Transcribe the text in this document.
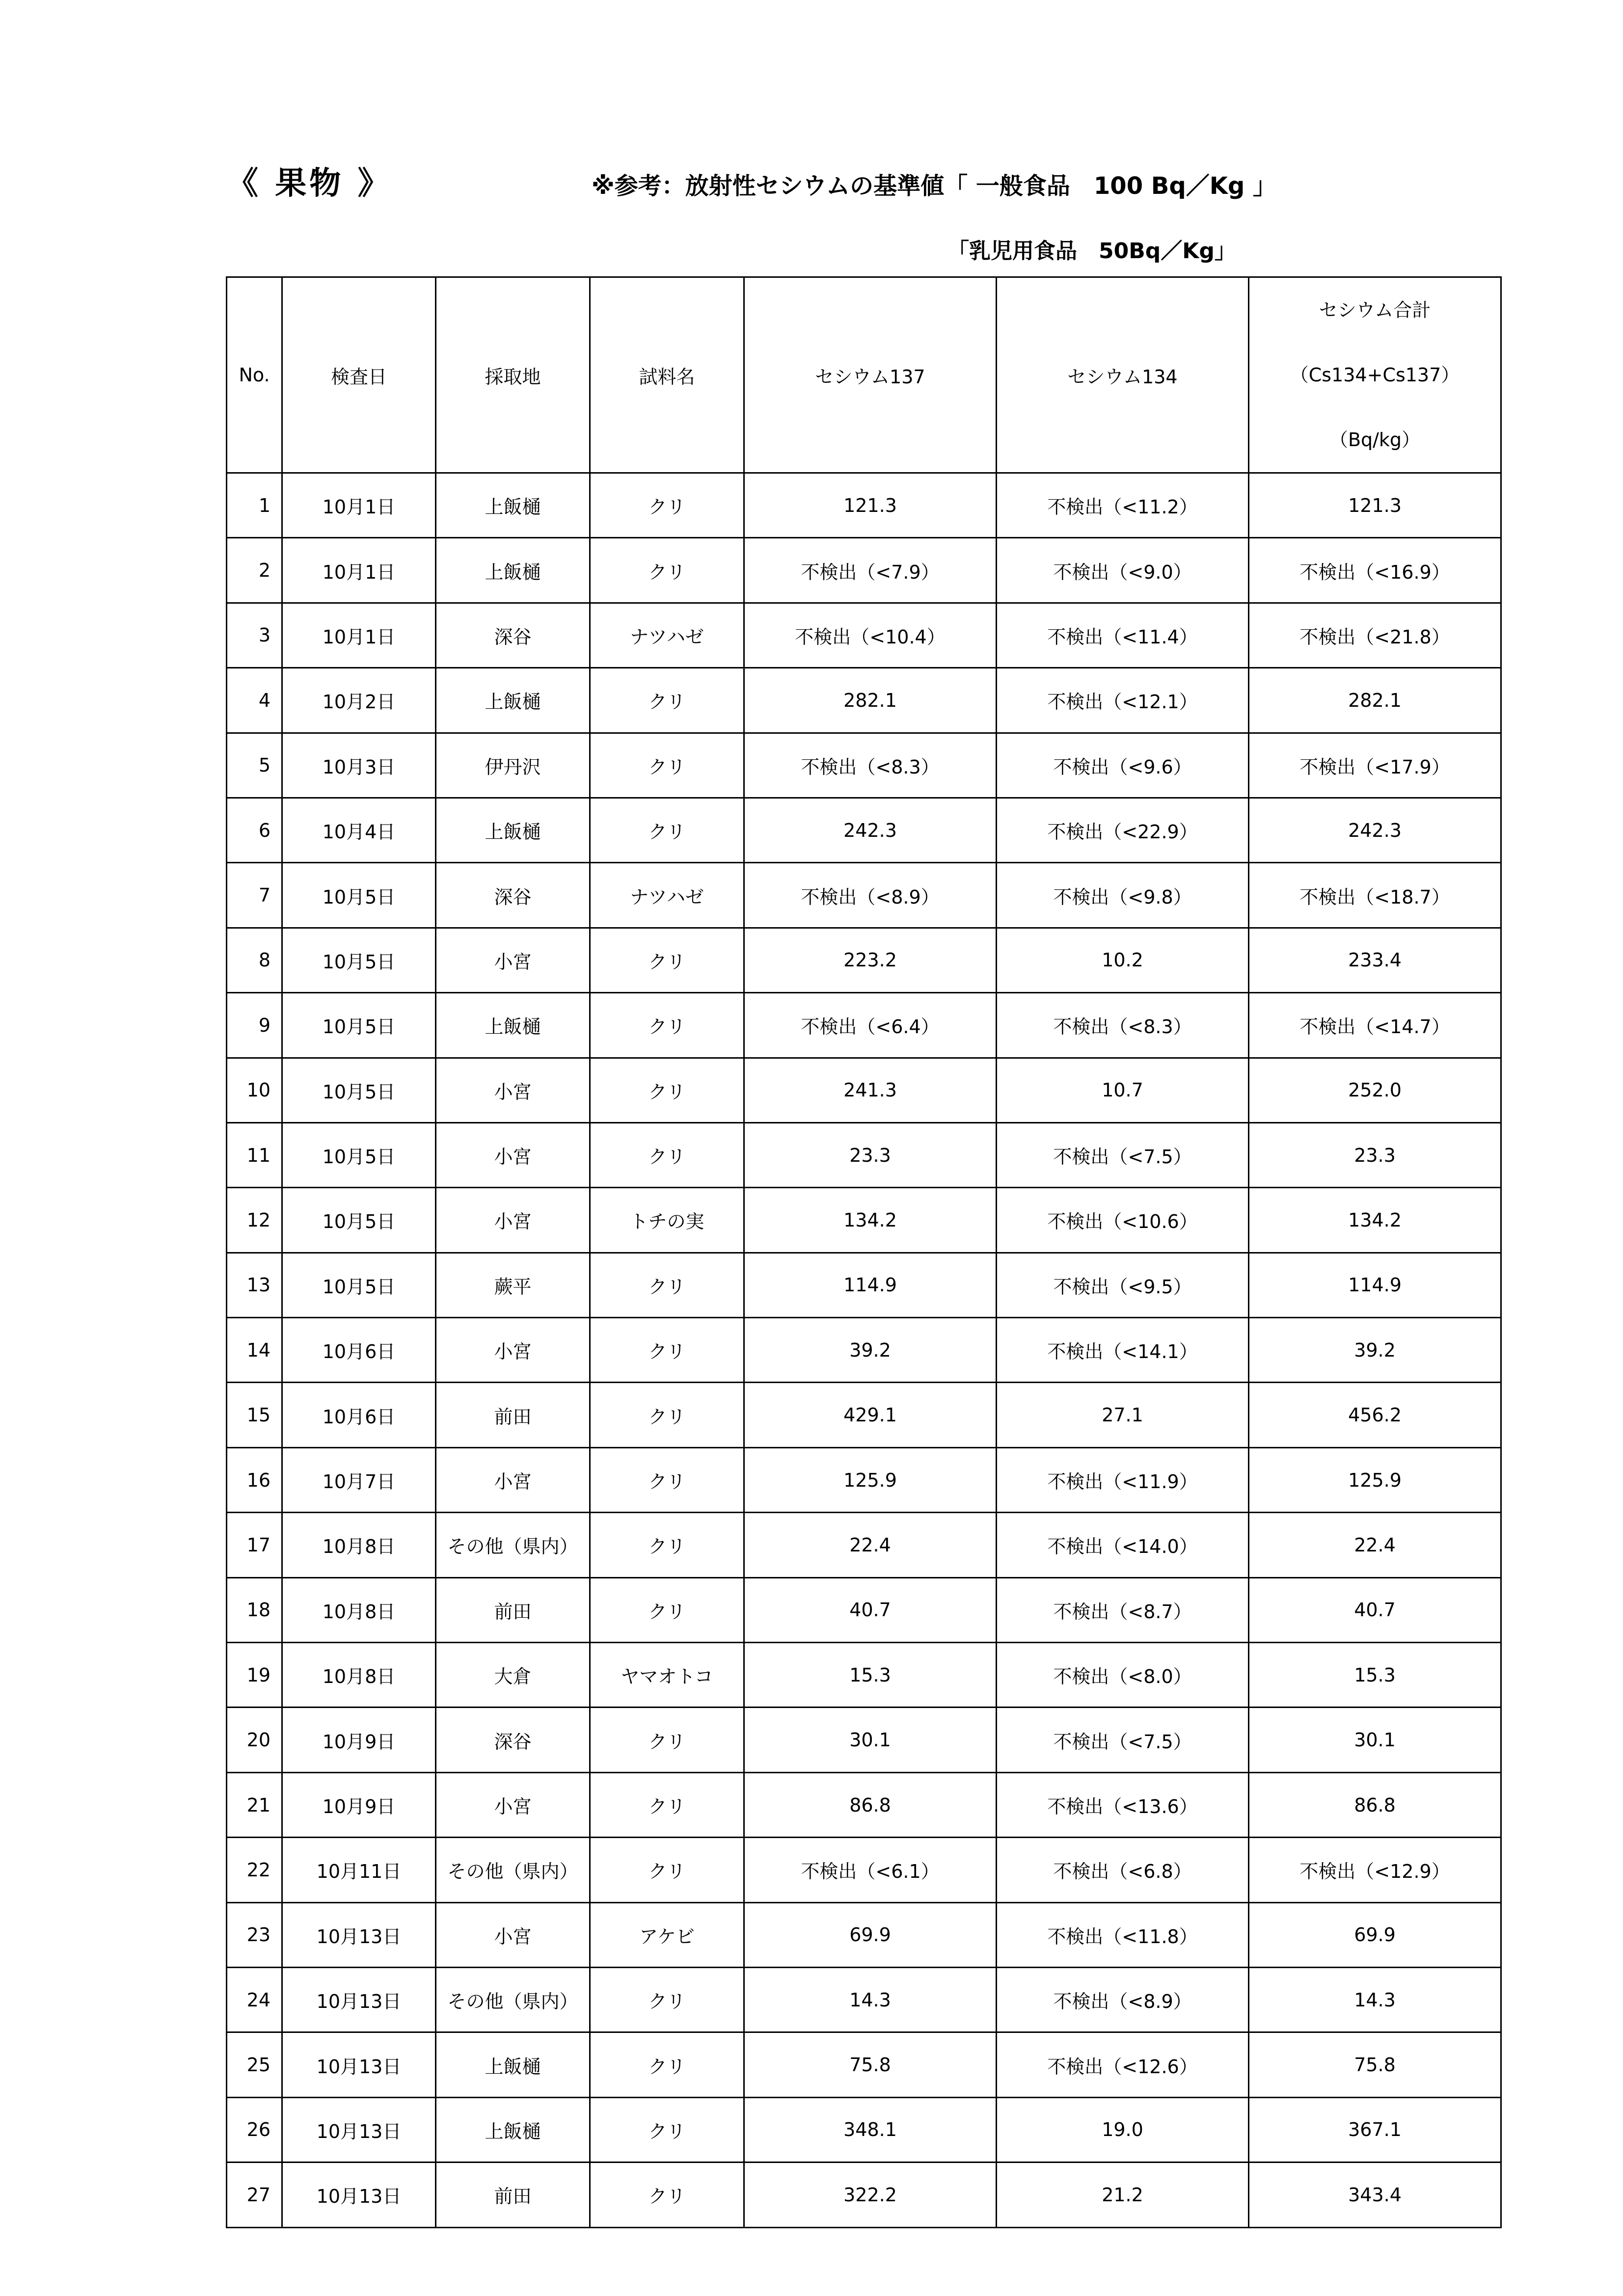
《 果物 》	※参考：放射性セシウムの基準値「 一般食品　100 Bq／Kg 」
「乳児用食品　50Bq／Kg」
No.	検査日	採取地	試料名	セシウム137	セシウム134	セシウム合計
（Cs134+Cs137）
（Bq/kg）

1	10月1日	上飯樋	クリ	121.3	不検出（<11.2）	121.3
2	10月1日	上飯樋	クリ	不検出（<7.9）	不検出（<9.0）	不検出（<16.9）
3	10月1日	深谷	ナツハゼ	不検出（<10.4）	不検出（<11.4）	不検出（<21.8）
4	10月2日	上飯樋	クリ	282.1	不検出（<12.1）	282.1
5	10月3日	伊丹沢	クリ	不検出（<8.3）	不検出（<9.6）	不検出（<17.9）
6	10月4日	上飯樋	クリ	242.3	不検出（<22.9）	242.3
7	10月5日	深谷	ナツハゼ	不検出（<8.9）	不検出（<9.8）	不検出（<18.7）
8	10月5日	小宮	クリ	223.2	10.2	233.4
9	10月5日	上飯樋	クリ	不検出（<6.4）	不検出（<8.3）	不検出（<14.7）
10	10月5日	小宮	クリ	241.3	10.7	252.0
11	10月5日	小宮	クリ	23.3	不検出（<7.5）	23.3
12	10月5日	小宮	トチの実	134.2	不検出（<10.6）	134.2
13	10月5日	蕨平	クリ	114.9	不検出（<9.5）	114.9
14	10月6日	小宮	クリ	39.2	不検出（<14.1）	39.2
15	10月6日	前田	クリ	429.1	27.1	456.2
16	10月7日	小宮	クリ	125.9	不検出（<11.9）	125.9
17	10月8日	その他（県内）	クリ	22.4	不検出（<14.0）	22.4
18	10月8日	前田	クリ	40.7	不検出（<8.7）	40.7
19	10月8日	大倉	ヤマオトコ	15.3	不検出（<8.0）	15.3
20	10月9日	深谷	クリ	30.1	不検出（<7.5）	30.1
21	10月9日	小宮	クリ	86.8	不検出（<13.6）	86.8
22	10月11日	その他（県内）	クリ	不検出（<6.1）	不検出（<6.8）	不検出（<12.9）
23	10月13日	小宮	アケビ	69.9	不検出（<11.8）	69.9
24	10月13日	その他（県内）	クリ	14.3	不検出（<8.9）	14.3
25	10月13日	上飯樋	クリ	75.8	不検出（<12.6）	75.8
26	10月13日	上飯樋	クリ	348.1	19.0	367.1
27	10月13日	前田	クリ	322.2	21.2	343.4
